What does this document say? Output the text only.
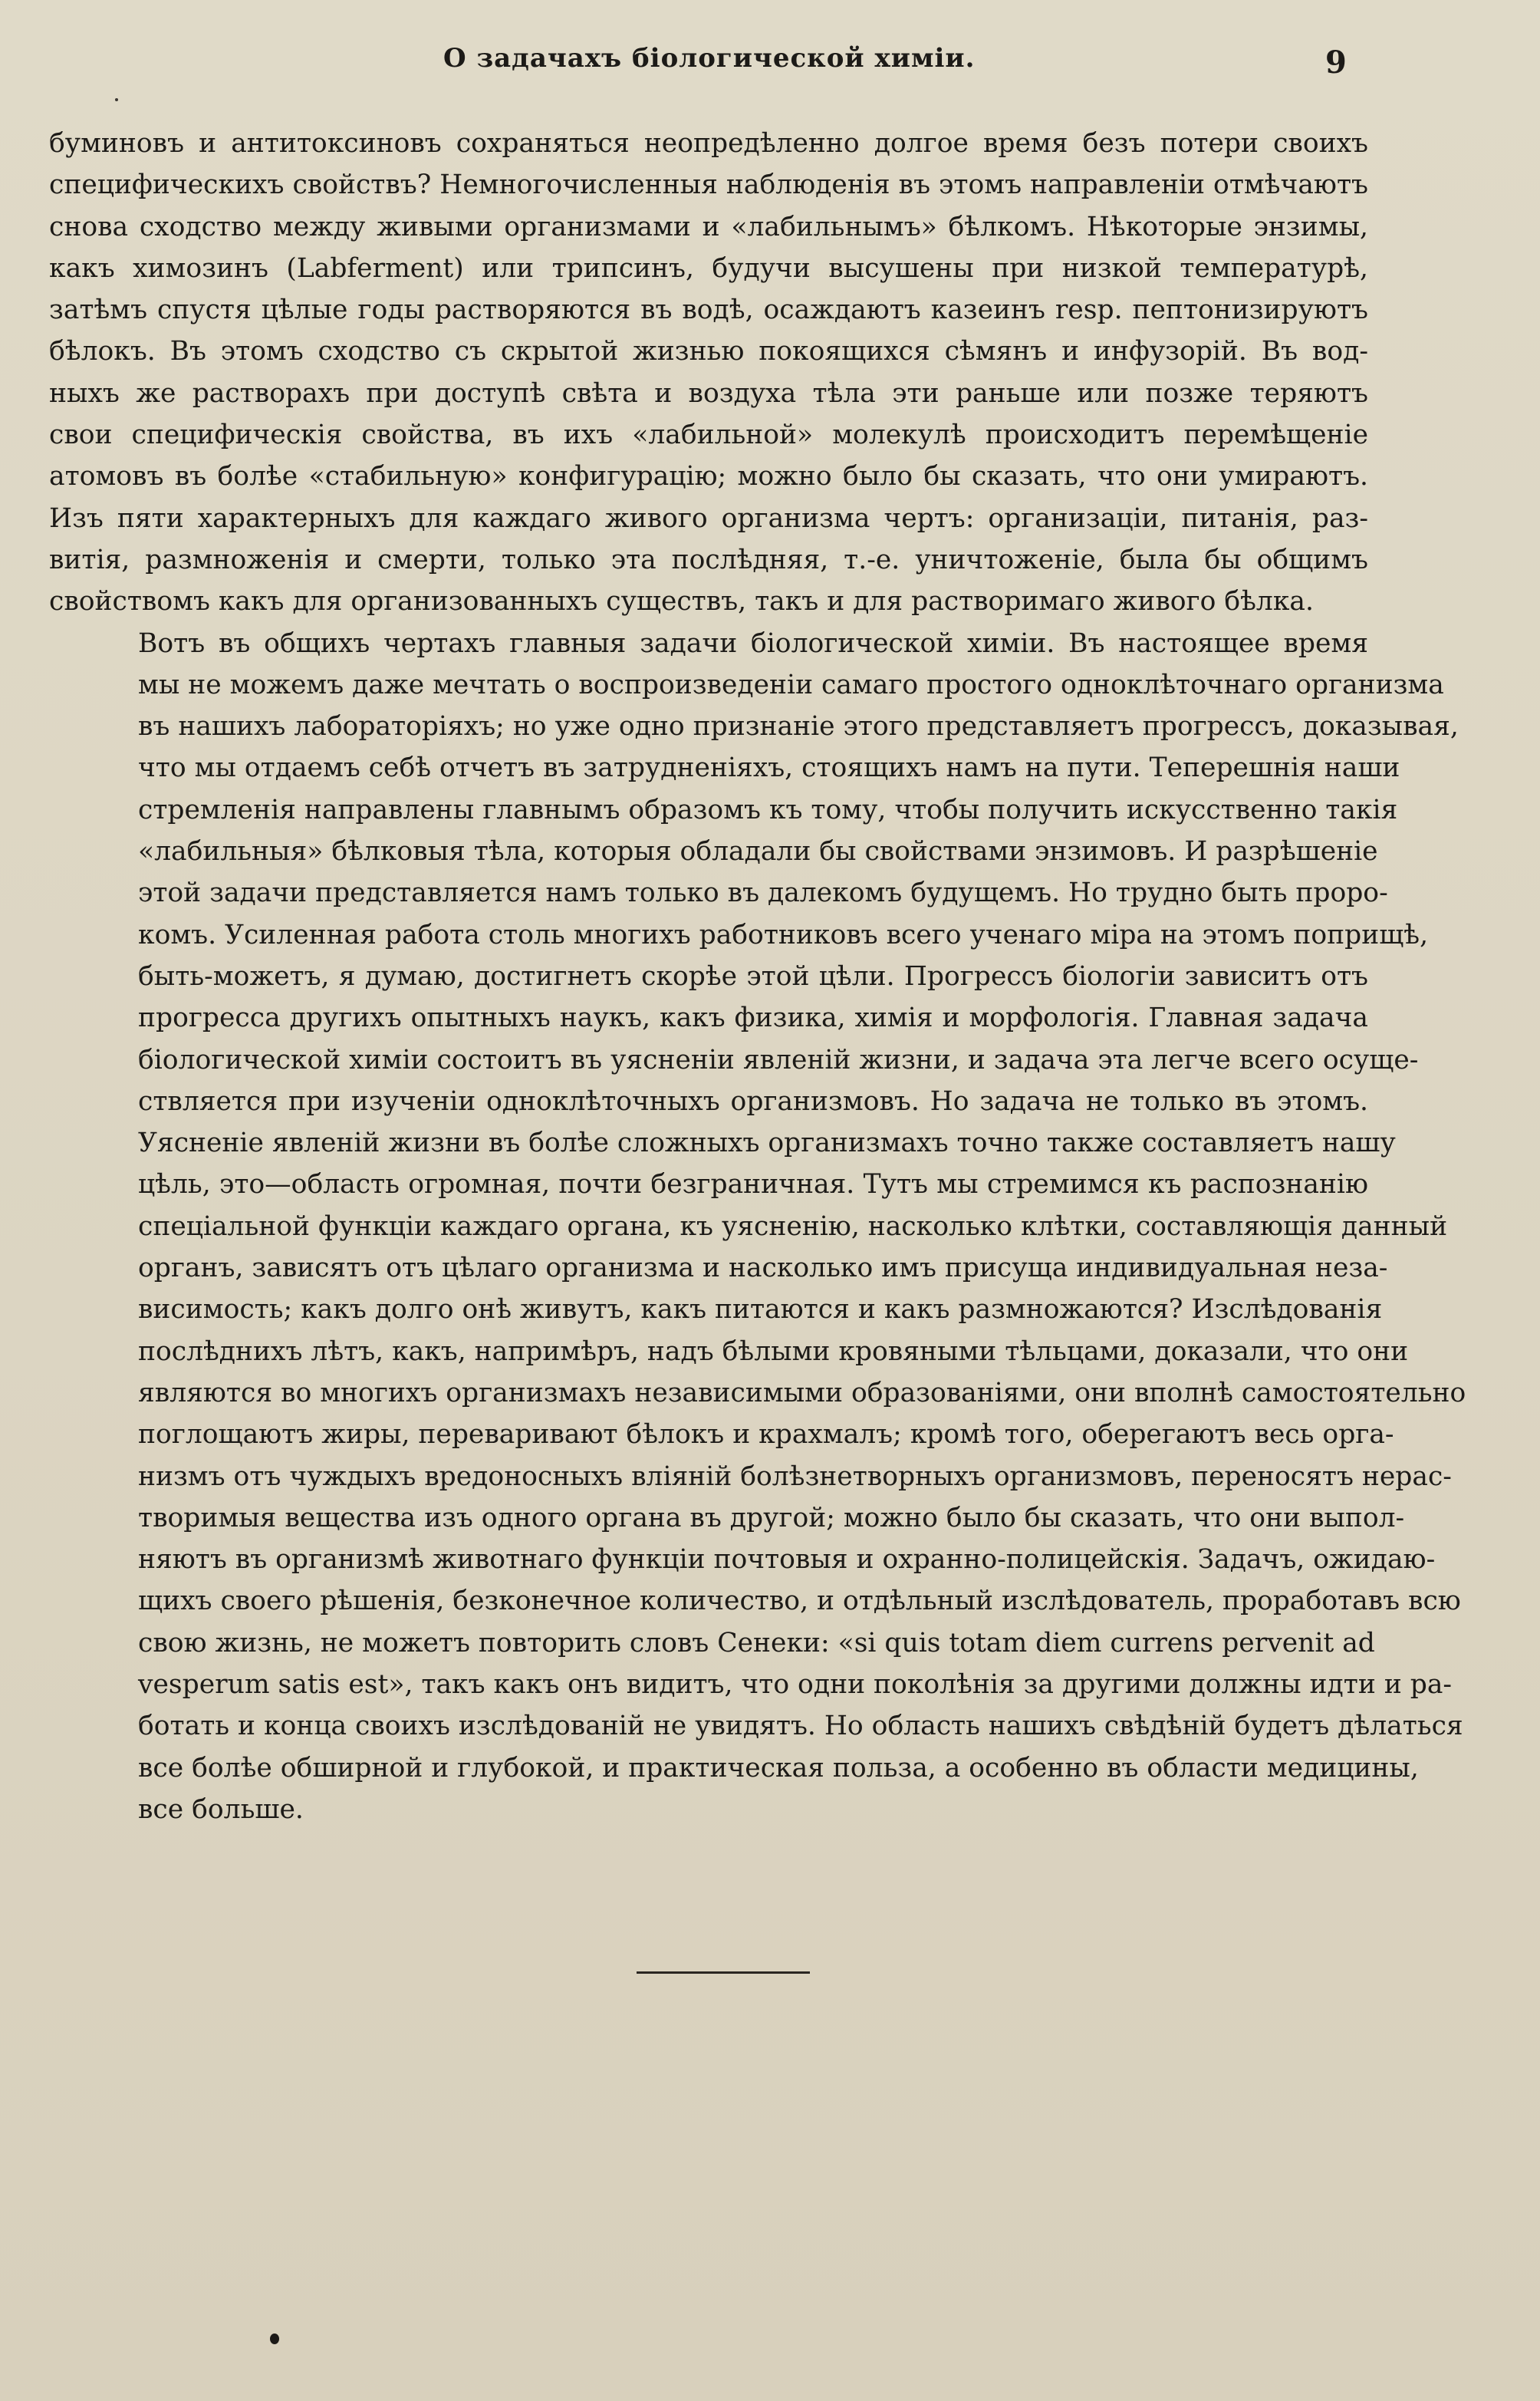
О задачахъ біологической химіи.	9

буминовъ и антитоксиновъ сохраняться неопредѣленно долгое время безъ потери своихъ
специфическихъ свойствъ? Немногочисленныя наблюденія въ этомъ направленіи отмѣчаютъ
снова сходство между живыми организмами и «лабильнымъ» бѣлкомъ. Нѣкоторые энзимы,
какъ химозинъ (Labferment) или трипсинъ, будучи высушены при низкой температурѣ,
затѣмъ спустя цѣлые годы растворяются въ водѣ, осаждаютъ казеинъ resp. пептонизируютъ
бѣлокъ. Въ этомъ сходство съ скрытой жизнью покоящихся сѣмянъ и инфузорій. Въ вод-
ныхъ же растворахъ при доступѣ свѣта и воздуха тѣла эти раньше или позже теряютъ
свои специфическія свойства, въ ихъ «лабильной» молекулѣ происходитъ перемѣщеніе
атомовъ въ болѣе «стабильную» конфигурацію; можно было бы сказать, что они умираютъ.
Изъ пяти характерныхъ для каждаго живого организма чертъ: организаціи, питанія, раз-
витія, размноженія и смерти, только эта послѣдняя, т.-е. уничтоженіе, была бы общимъ
свойствомъ какъ для организованныхъ существъ, такъ и для растворимаго живого бѣлка.

Вотъ въ общихъ чертахъ главныя задачи біологической химіи. Въ настоящее время
мы не можемъ даже мечтать о воспроизведеніи самаго простого одноклѣточнаго организма
въ нашихъ лабораторіяхъ; но уже одно признаніе этого представляетъ прогрессъ, доказывая,
что мы отдаемъ себѣ отчетъ въ затрудненіяхъ, стоящихъ намъ на пути. Теперешнія наши
стремленія направлены главнымъ образомъ къ тому, чтобы получить искусственно такія
«лабильныя» бѣлковыя тѣла, которыя обладали бы свойствами энзимовъ. И разрѣшеніе
этой задачи представляется намъ только въ далекомъ будущемъ. Но трудно быть проро-
комъ. Усиленная работа столь многихъ работниковъ всего ученаго міра на этомъ поприщѣ,
быть-можетъ, я думаю, достигнетъ скорѣе этой цѣли. Прогрессъ біологіи зависитъ отъ
прогресса другихъ опытныхъ наукъ, какъ физика, химія и морфологія. Главная задача
біологической химіи состоитъ въ уясненіи явленій жизни, и задача эта легче всего осуще-
ствляется при изученіи одноклѣточныхъ организмовъ. Но задача не только въ этомъ.
Уясненіе явленій жизни въ болѣе сложныхъ организмахъ точно также составляетъ нашу
цѣль, это—область огромная, почти безграничная. Тутъ мы стремимся къ распознанію
спеціальной функціи каждаго органа, къ уясненію, насколько клѣтки, составляющія данный
органъ, зависятъ отъ цѣлаго организма и насколько имъ присуща индивидуальная неза-
висимость; какъ долго онѣ живутъ, какъ питаются и какъ размножаются? Изслѣдованія
послѣднихъ лѣтъ, какъ, напримѣръ, надъ бѣлыми кровяными тѣльцами, доказали, что они
являются во многихъ организмахъ независимыми образованіями, они вполнѣ самостоятельно
поглощаютъ жиры, переваривают бѣлокъ и крахмалъ; кромѣ того, оберегаютъ весь орга-
низмъ отъ чуждыхъ вредоносныхъ вліяній болѣзнетворныхъ организмовъ, переносятъ нерас-
творимыя вещества изъ одного органа въ другой; можно было бы сказать, что они выпол-
няютъ въ организмѣ животнаго функціи почтовыя и охранно-полицейскія. Задачъ, ожидаю-
щихъ своего рѣшенія, безконечное количество, и отдѣльный изслѣдователь, проработавъ всю
свою жизнь, не можетъ повторить словъ Сенеки: «si quis totam diem currens pervenit ad
vesperum satis est», такъ какъ онъ видитъ, что одни поколѣнія за другими должны идти и ра-
ботать и конца своихъ изслѣдованій не увидятъ. Но область нашихъ свѣдѣній будетъ дѣлаться
все болѣе обширной и глубокой, и практическая польза, а особенно въ области медицины,
все больше.
